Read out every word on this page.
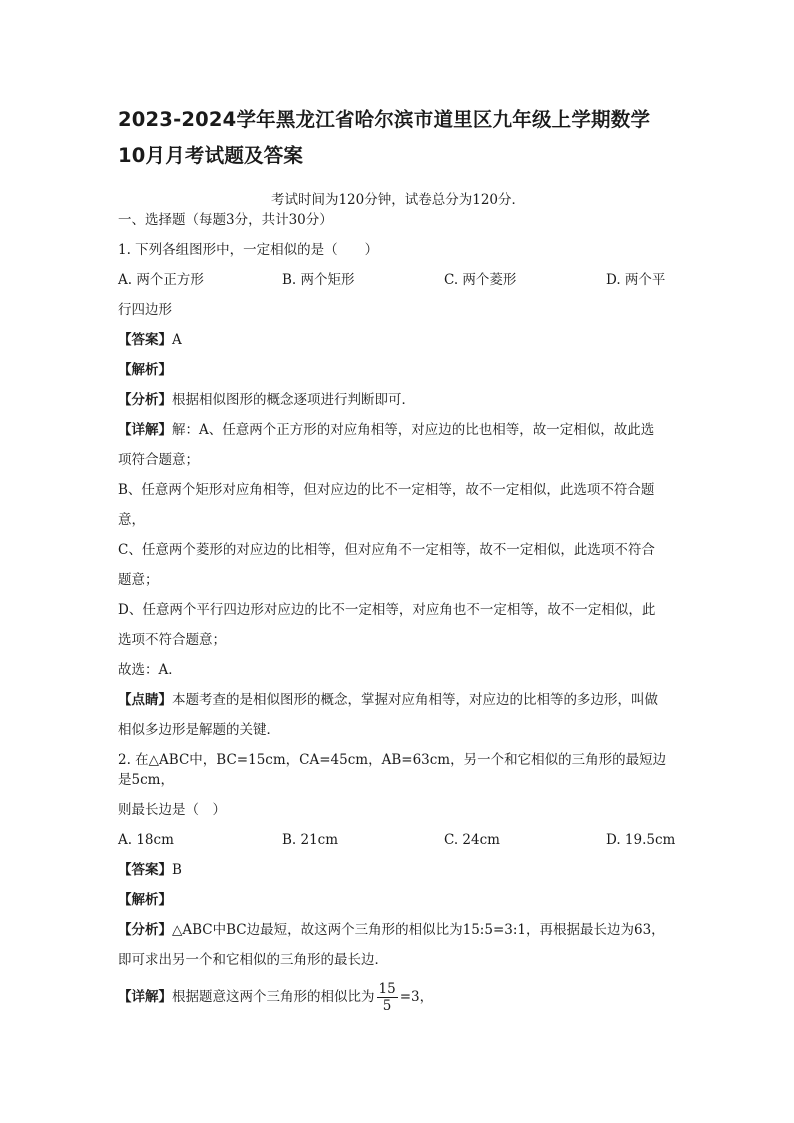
2023-2024学年黑龙江省哈尔滨市道里区九年级上学期数学
10月月考试题及答案
考试时间为120分钟，试卷总分为120分．
一、选择题（每题3分，共计30分）
1. 下列各组图形中，一定相似的是（　　）
A. 两个正方形	B. 两个矩形	C. 两个菱形	D. 两个平
行四边形
【答案】A
【解析】
【分析】根据相似图形的概念逐项进行判断即可．
【详解】解：A、任意两个正方形的对应角相等，对应边的比也相等，故一定相似，故此选
项符合题意；
B、任意两个矩形对应角相等，但对应边的比不一定相等，故不一定相似，此选项不符合题
意，
C、任意两个菱形的对应边的比相等，但对应角不一定相等，故不一定相似，此选项不符合
题意；
D、任意两个平行四边形对应边的比不一定相等，对应角也不一定相等，故不一定相似，此
选项不符合题意；
故选：A．
【点睛】本题考查的是相似图形的概念，掌握对应角相等，对应边的比相等的多边形，叫做
相似多边形是解题的关键．
2. 在△ABC中，BC=15cm，CA=45cm，AB=63cm，另一个和它相似的三角形的最短边是5cm，
则最长边是（　）
A. 18cm	B. 21cm	C. 24cm	D. 19.5cm
【答案】B
【解析】
【分析】△ABC中BC边最短，故这两个三角形的相似比为15:5=3:1，再根据最长边为63，
即可求出另一个和它相似的三角形的最长边．
【详解】根据题意这两个三角形的相似比为 $\frac{15}{5} =3$，
